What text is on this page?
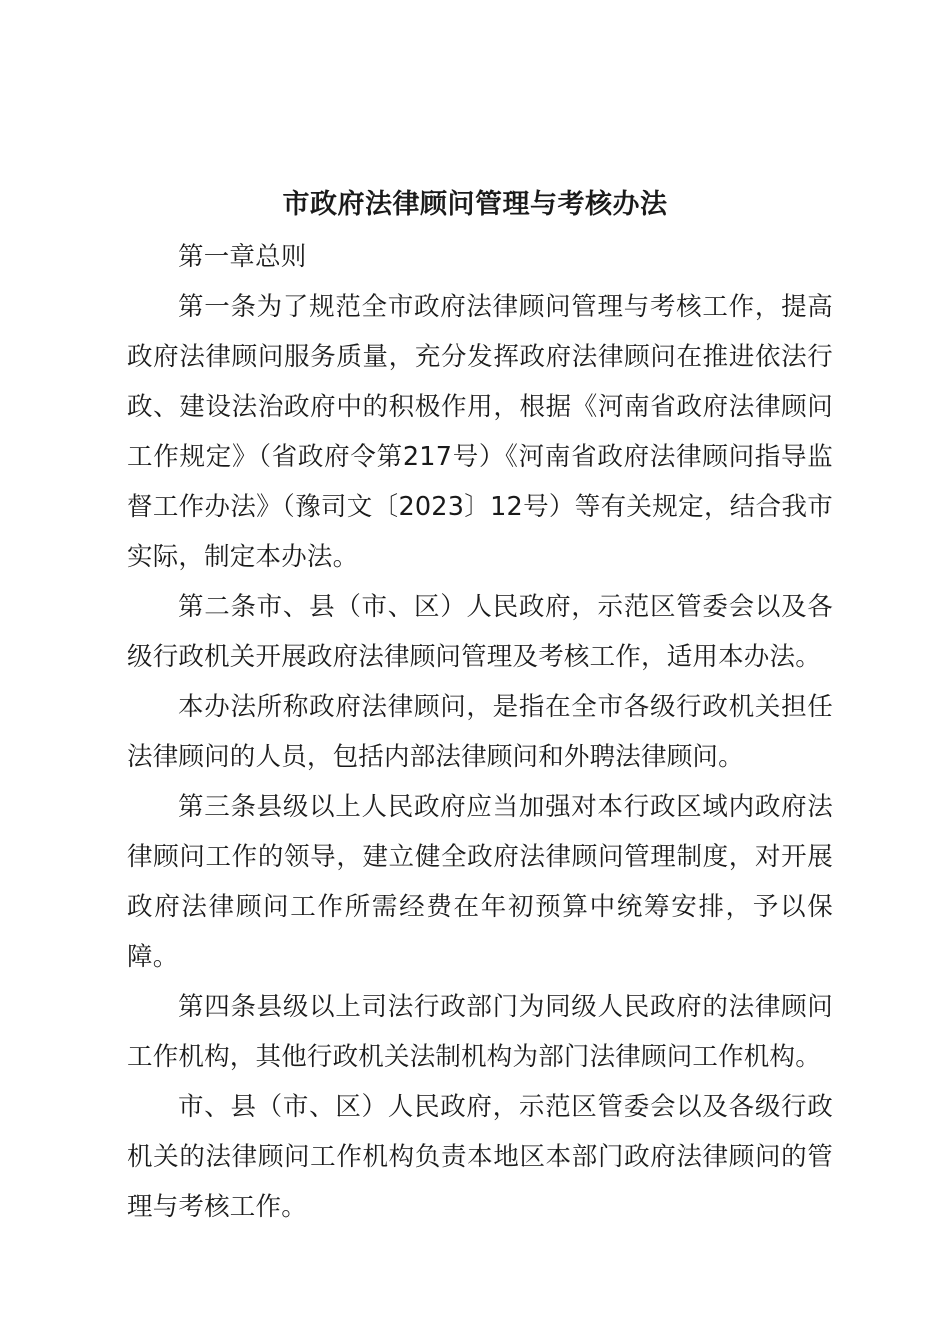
市政府法律顾问管理与考核办法

第一章总则

第一条为了规范全市政府法律顾问管理与考核工作，提高政府法律顾问服务质量，充分发挥政府法律顾问在推进依法行政、建设法治政府中的积极作用，根据《河南省政府法律顾问工作规定》（省政府令第217号）《河南省政府法律顾问指导监督工作办法》（豫司文〔2023〕12号）等有关规定，结合我市实际，制定本办法。

第二条市、县（市、区）人民政府，示范区管委会以及各级行政机关开展政府法律顾问管理及考核工作，适用本办法。

本办法所称政府法律顾问，是指在全市各级行政机关担任法律顾问的人员，包括内部法律顾问和外聘法律顾问。

第三条县级以上人民政府应当加强对本行政区域内政府法律顾问工作的领导，建立健全政府法律顾问管理制度，对开展政府法律顾问工作所需经费在年初预算中统筹安排，予以保障。

第四条县级以上司法行政部门为同级人民政府的法律顾问工作机构，其他行政机关法制机构为部门法律顾问工作机构。

市、县（市、区）人民政府，示范区管委会以及各级行政机关的法律顾问工作机构负责本地区本部门政府法律顾问的管理与考核工作。
